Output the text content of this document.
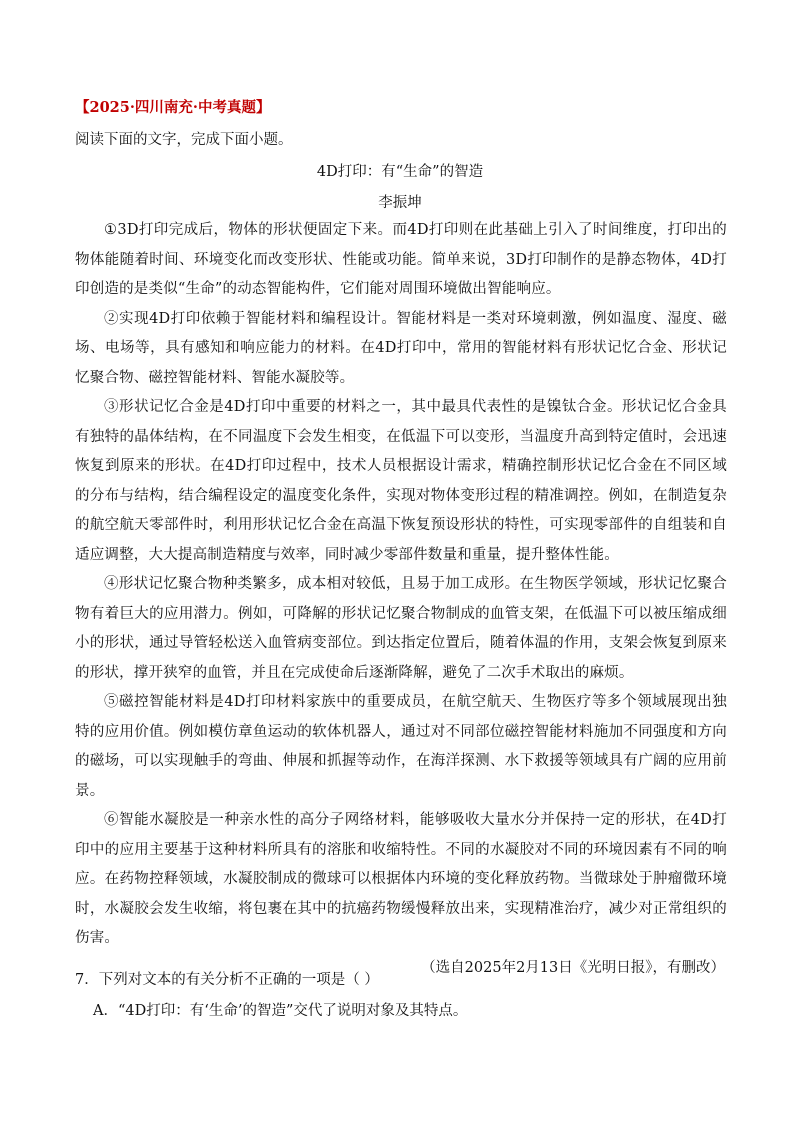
【2025·四川南充·中考真题】
阅读下面的文字，完成下面小题。
4D打印：有“生命”的智造
李振坤

①3D打印完成后，物体的形状便固定下来。而4D打印则在此基础上引入了时间维度，打印出的物体能随着时间、环境变化而改变形状、性能或功能。简单来说，3D打印制作的是静态物体，4D打印创造的是类似“生命”的动态智能构件，它们能对周围环境做出智能响应。

②实现4D打印依赖于智能材料和编程设计。智能材料是一类对环境刺激，例如温度、湿度、磁场、电场等，具有感知和响应能力的材料。在4D打印中，常用的智能材料有形状记忆合金、形状记忆聚合物、磁控智能材料、智能水凝胶等。

③形状记忆合金是4D打印中重要的材料之一，其中最具代表性的是镍钛合金。形状记忆合金具有独特的晶体结构，在不同温度下会发生相变，在低温下可以变形，当温度升高到特定值时，会迅速恢复到原来的形状。在4D打印过程中，技术人员根据设计需求，精确控制形状记忆合金在不同区域的分布与结构，结合编程设定的温度变化条件，实现对物体变形过程的精准调控。例如，在制造复杂的航空航天零部件时，利用形状记忆合金在高温下恢复预设形状的特性，可实现零部件的自组装和自适应调整，大大提高制造精度与效率，同时减少零部件数量和重量，提升整体性能。

④形状记忆聚合物种类繁多，成本相对较低，且易于加工成形。在生物医学领域，形状记忆聚合物有着巨大的应用潜力。例如，可降解的形状记忆聚合物制成的血管支架，在低温下可以被压缩成细小的形状，通过导管轻松送入血管病变部位。到达指定位置后，随着体温的作用，支架会恢复到原来的形状，撑开狭窄的血管，并且在完成使命后逐渐降解，避免了二次手术取出的麻烦。

⑤磁控智能材料是4D打印材料家族中的重要成员，在航空航天、生物医疗等多个领域展现出独特的应用价值。例如模仿章鱼运动的软体机器人，通过对不同部位磁控智能材料施加不同强度和方向的磁场，可以实现触手的弯曲、伸展和抓握等动作，在海洋探测、水下救援等领域具有广阔的应用前景。

⑥智能水凝胶是一种亲水性的高分子网络材料，能够吸收大量水分并保持一定的形状，在4D打印中的应用主要基于这种材料所具有的溶胀和收缩特性。不同的水凝胶对不同的环境因素有不同的响应。在药物控释领域，水凝胶制成的微球可以根据体内环境的变化释放药物。当微球处于肿瘤微环境时，水凝胶会发生收缩，将包裹在其中的抗癌药物缓慢释放出来，实现精准治疗，减少对正常组织的伤害。

（选自2025年2月13日《光明日报》，有删改）

7．下列对文本的有关分析不正确的一项是（ ）
A．“4D打印：有‘生命’的智造”交代了说明对象及其特点。
